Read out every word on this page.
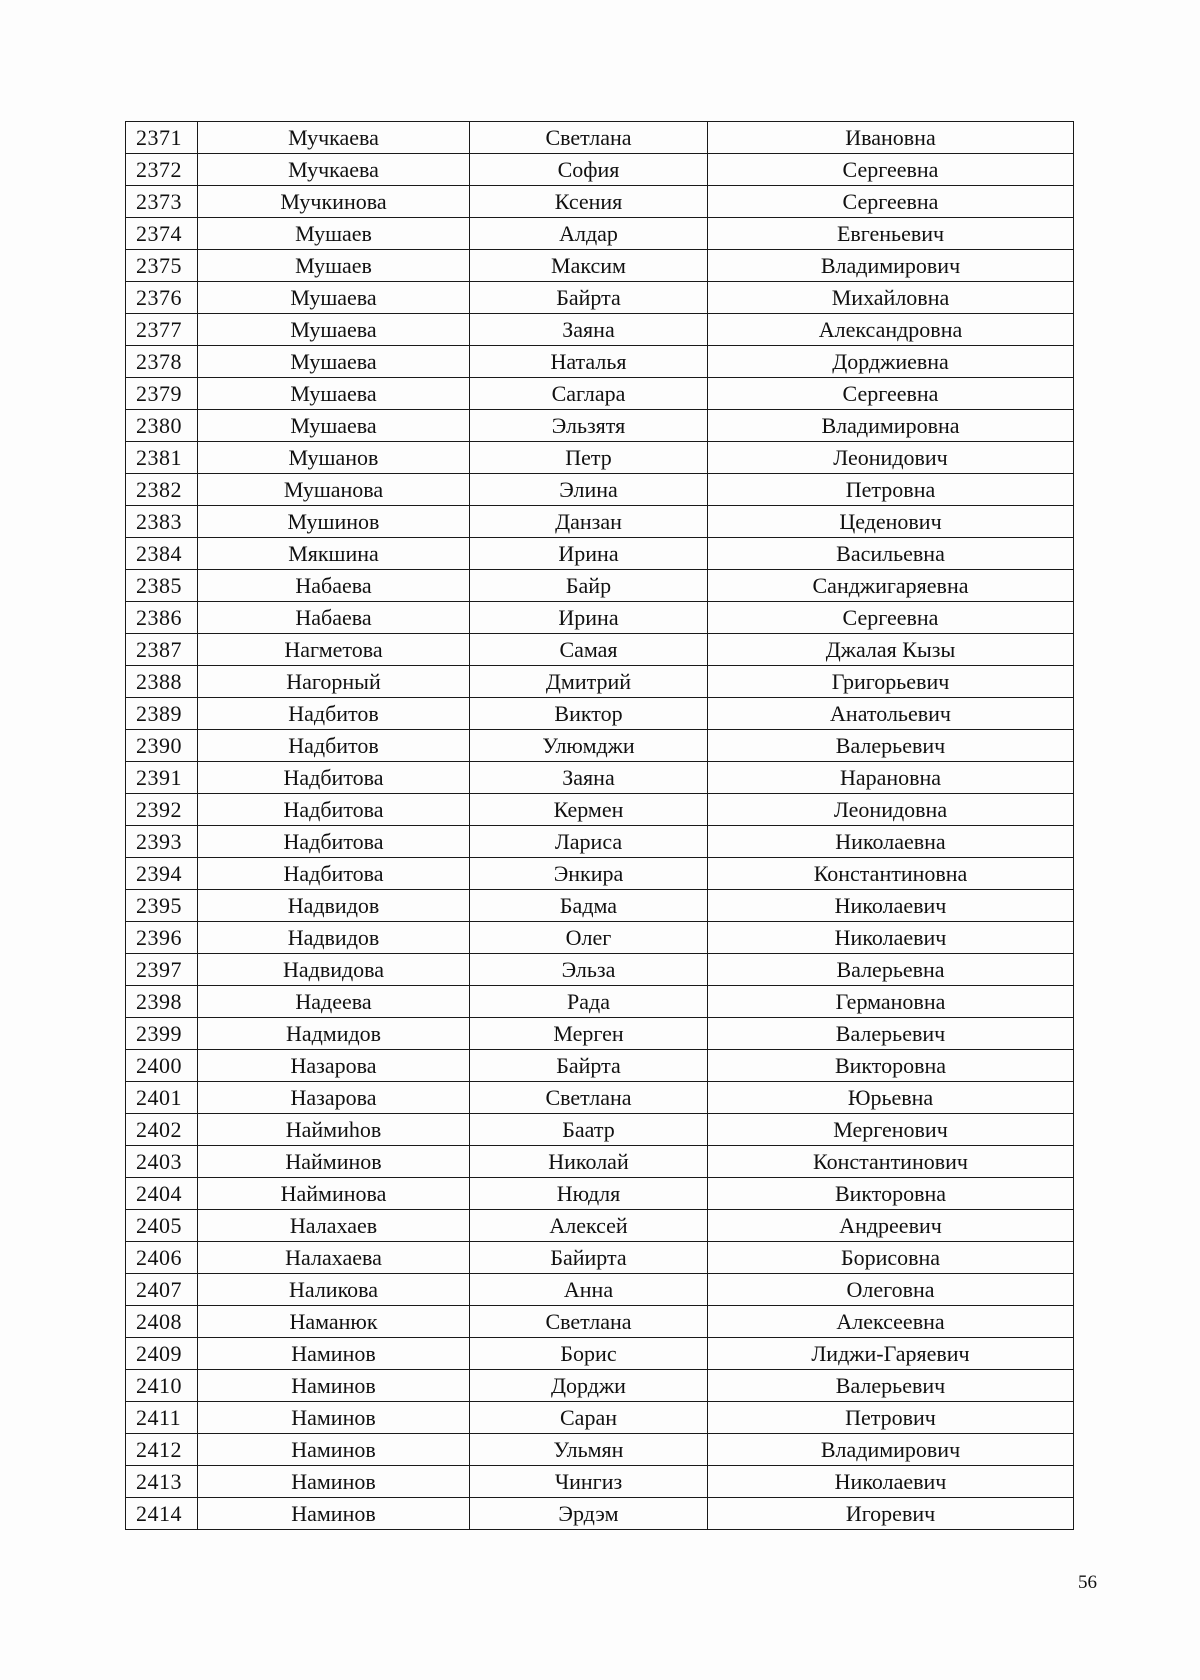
2371	Мучкаева	Светлана	Ивановна
2372	Мучкаева	София	Сергеевна
2373	Мучкинова	Ксения	Сергеевна
2374	Мушаев	Алдар	Евгеньевич
2375	Мушаев	Максим	Владимирович
2376	Мушаева	Байрта	Михайловна
2377	Мушаева	Заяна	Александровна
2378	Мушаева	Наталья	Дорджиевна
2379	Мушаева	Саглара	Сергеевна
2380	Мушаева	Эльзятя	Владимировна
2381	Мушанов	Петр	Леонидович
2382	Мушанова	Элина	Петровна
2383	Мушинов	Данзан	Цеденович
2384	Мякшина	Ирина	Васильевна
2385	Набаева	Байр	Санджигаряевна
2386	Набаева	Ирина	Сергеевна
2387	Нагметова	Самая	Джалая Кызы
2388	Нагорный	Дмитрий	Григорьевич
2389	Надбитов	Виктор	Анатольевич
2390	Надбитов	Улюмджи	Валерьевич
2391	Надбитова	Заяна	Нарановна
2392	Надбитова	Кермен	Леонидовна
2393	Надбитова	Лариса	Николаевна
2394	Надбитова	Энкира	Константиновна
2395	Надвидов	Бадма	Николаевич
2396	Надвидов	Олег	Николаевич
2397	Надвидова	Эльза	Валерьевна
2398	Надеева	Рада	Германовна
2399	Надмидов	Мерген	Валерьевич
2400	Назарова	Байрта	Викторовна
2401	Назарова	Светлана	Юрьевна
2402	Наймиhов	Баатр	Мергенович
2403	Найминов	Николай	Константинович
2404	Найминова	Нюдля	Викторовна
2405	Налахаев	Алексей	Андреевич
2406	Налахаева	Байирта	Борисовна
2407	Наликова	Анна	Олеговна
2408	Наманюк	Светлана	Алексеевна
2409	Наминов	Борис	Лиджи-Гаряевич
2410	Наминов	Дорджи	Валерьевич
2411	Наминов	Саран	Петрович
2412	Наминов	Ульмян	Владимирович
2413	Наминов	Чингиз	Николаевич
2414	Наминов	Эрдэм	Игоревич
56
